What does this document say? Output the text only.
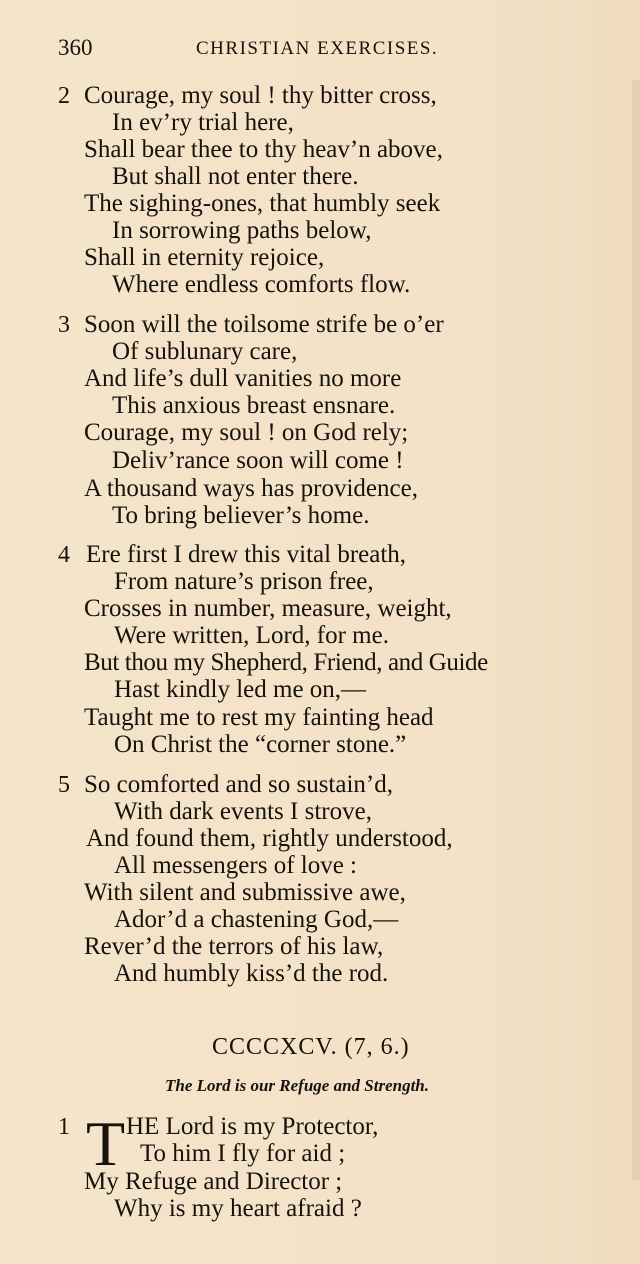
360	CHRISTIAN EXERCISES.
2 Courage, my soul ! thy bitter cross,
In ev’ry trial here,
Shall bear thee to thy heav’n above,
But shall not enter there.
The sighing-ones, that humbly seek
In sorrowing paths below,
Shall in eternity rejoice,
Where endless comforts flow.
3 Soon will the toilsome strife be o’er
Of sublunary care,
And life’s dull vanities no more
This anxious breast ensnare.
Courage, my soul ! on God rely;
Deliv’rance soon will come !
A thousand ways has providence,
To bring believer’s home.
4 Ere first I drew this vital breath,
From nature’s prison free,
Crosses in number, measure, weight,
Were written, Lord, for me.
But thou my Shepherd, Friend, and Guide
Hast kindly led me on,—
Taught me to rest my fainting head
On Christ the “corner stone.”
5 So comforted and so sustain’d,
With dark events I strove,
And found them, rightly understood,
All messengers of love :
With silent and submissive awe,
Ador’d a chastening God,—
Rever’d the terrors of his law,
And humbly kiss’d the rod.
CCCCXCV. (7, 6.)
The Lord is our Refuge and Strength.
1 T HE Lord is my Protector,
To him I fly for aid ;
My Refuge and Director ;
Why is my heart afraid ?
